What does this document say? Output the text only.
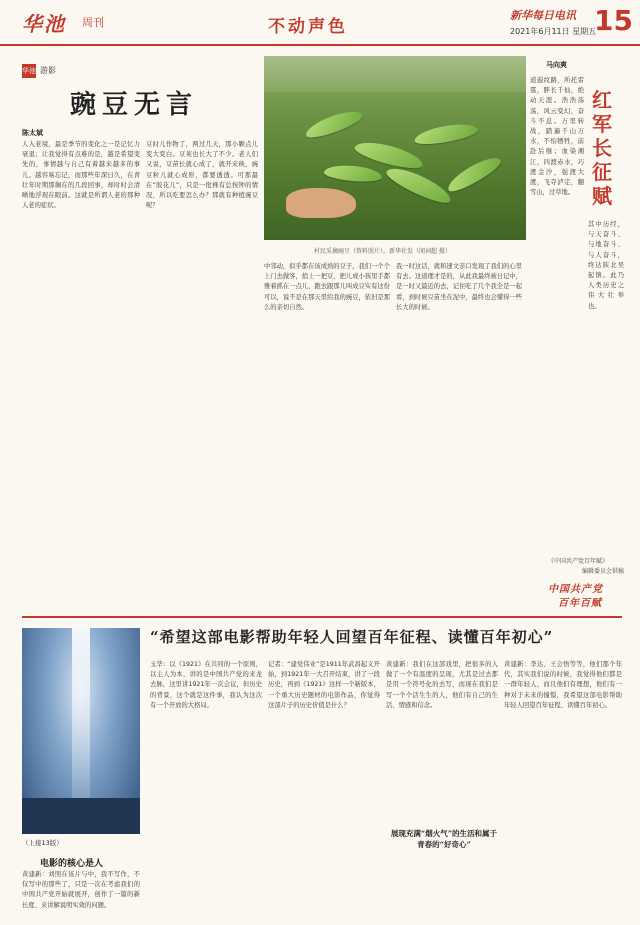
华池 周刊	不动声色
新华每日电讯
2021年6月11日 星期五
15
华池 游影
豌豆无言
陈太斌
人入老境，最是季节的变化之一是记忆力衰退；让我觉得有点难的是，越是希望变先的，事情越与自己有着越来越多的事儿。越容易忘记，而那些年深日久，在青壮年时期那搁在的几段回事，却时时会清晰地浮现在眼前。这就是所谓人老的那种人老的症状。
豆时儿作物了，两过几天，那小颗点儿变大变白。豆荚也长大了不少。老人们又说，豆苗长就心成了，就开来秧，豌豆粒儿就心成形，都要透透。可那最在“胶花儿”，只是一批株有总按钟的情况，所以吃要怎么办？那就有种植豌豆呢？
村民采摘豌豆（资料照片）。新华社发（闻词超 摄）
中邻动，似乎都在该成熟的豆子，我们一个个上门去做客，捎上一把豆，把儿或小孩里手都雅着抓在一点儿，跑去跟那儿叫成豆实有这份可以，说不是在那天里给我的豌豆，依旧是那么的亲切自然。
我一时这话，就和速文亲口发现了我们的心里有去。这道理才是的，从此我最终被日记中，是一时又最近的去，记住吃了几个我全是一起看，到时候豆苗坐在泥中，最终也会懂得一些长大的时候。
马向爽
红军长征赋
道遐纹路，所托雷霆，胖长千仙，绝动天涯。浩浩荡荡，风云变幻，奋斗不息。万里转战，踏遍千山万水，不怕牺牲，前赴后继；血染湘江，四渡赤水，巧渡金沙，强渡大渡，飞夺泸定，翻雪山，过草地。
其中历经，与天奋斗、与地奋斗、与人奋斗，终达陕北吴起镇。此乃人类历史之伟大壮举也。
《中国共产党百年赋》
编辑委员会供稿
中国共产党
百年百赋
“希望这部电影帮助年轻人回望百年征程、读懂百年初心”
（上接13版）
电影的核心是人
黄建新：刘照在该片与中，我不写作，不仅写中的那些了，只是一次在考虑我们的中国共产党开始就展开，创作了一篇的新长度、来讲解说明实效的问题。
玉华：以《1921》在共同的一个原则，以主人为本，讲的是中国共产党的来龙去脉，这里讲1921年一次会议，但历史的背景，这个就是这件事，我认为这次有一个开放的大格局。
记者：“建党伟业”是1911年武昌起义开始，到1921年一大召开结束，讲了一段历史，再到《1921》这样一个新版本，一个重大历史题材的电影作品，你觉得这部片子的历史价值是什么？
黄建新：我们在这部戏里，把很多的人做了一个有温度的呈现，尤其是过去都是用一个符号化的去写，而现在我们是写一个个活生生的人，他们有自己的生活、情感和信念。
展现充满“烟火气”的生活和属于青春的“好奇心”
黄建新：李达、王会悟等等，他们那个年代，其实我们说的时候，我觉得他们都是一群年轻人，而且他们有理想，他们有一种对于未来的憧憬，我希望这部电影帮助年轻人回望百年征程、读懂百年初心。
